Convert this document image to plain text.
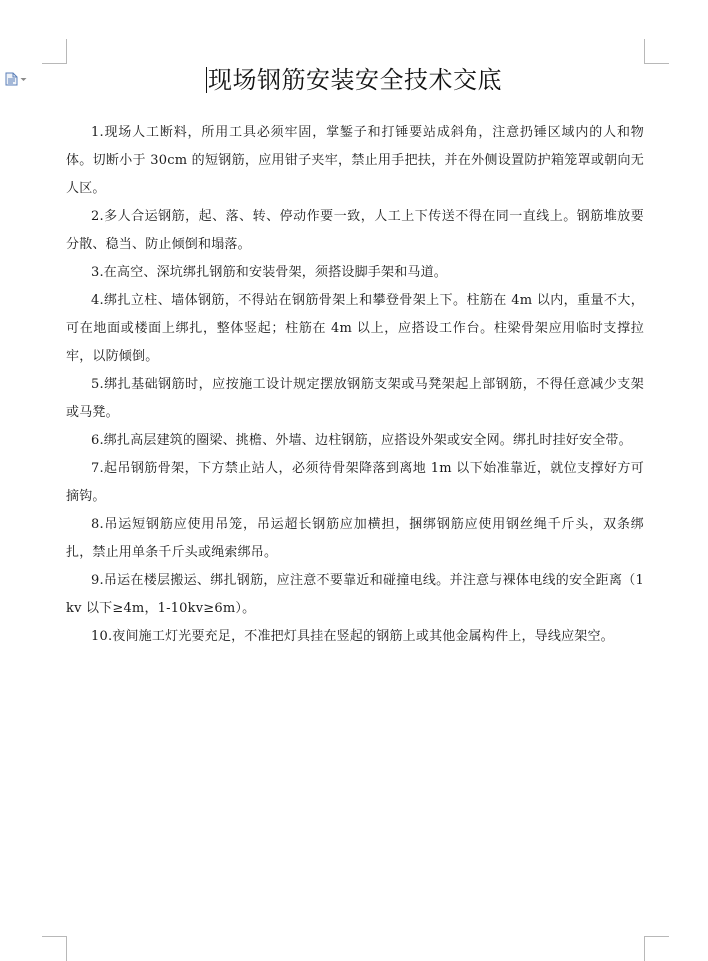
现场钢筋安装安全技术交底

1.现场人工断料，所用工具必须牢固，掌錾子和打锤要站成斜角，注意扔锤区域内的人和物体。切断小于 30cm 的短钢筋，应用钳子夹牢，禁止用手把扶，并在外侧设置防护箱笼罩或朝向无人区。

2.多人合运钢筋，起、落、转、停动作要一致，人工上下传送不得在同一直线上。钢筋堆放要分散、稳当、防止倾倒和塌落。

3.在高空、深坑绑扎钢筋和安装骨架，须搭设脚手架和马道。

4.绑扎立柱、墙体钢筋，不得站在钢筋骨架上和攀登骨架上下。柱筋在 4m 以内，重量不大，可在地面或楼面上绑扎，整体竖起；柱筋在 4m 以上，应搭设工作台。柱梁骨架应用临时支撑拉牢，以防倾倒。

5.绑扎基础钢筋时，应按施工设计规定摆放钢筋支架或马凳架起上部钢筋，不得任意减少支架或马凳。

6.绑扎高层建筑的圈梁、挑檐、外墙、边柱钢筋，应搭设外架或安全网。绑扎时挂好安全带。

7.起吊钢筋骨架，下方禁止站人，必须待骨架降落到离地 1m 以下始准靠近，就位支撑好方可摘钩。

8.吊运短钢筋应使用吊笼，吊运超长钢筋应加横担，捆绑钢筋应使用钢丝绳千斤头，双条绑扎，禁止用单条千斤头或绳索绑吊。

9.吊运在楼层搬运、绑扎钢筋，应注意不要靠近和碰撞电线。并注意与裸体电线的安全距离（1kv 以下≥4m，1-10kv≥6m）。

10.夜间施工灯光要充足，不准把灯具挂在竖起的钢筋上或其他金属构件上，导线应架空。
